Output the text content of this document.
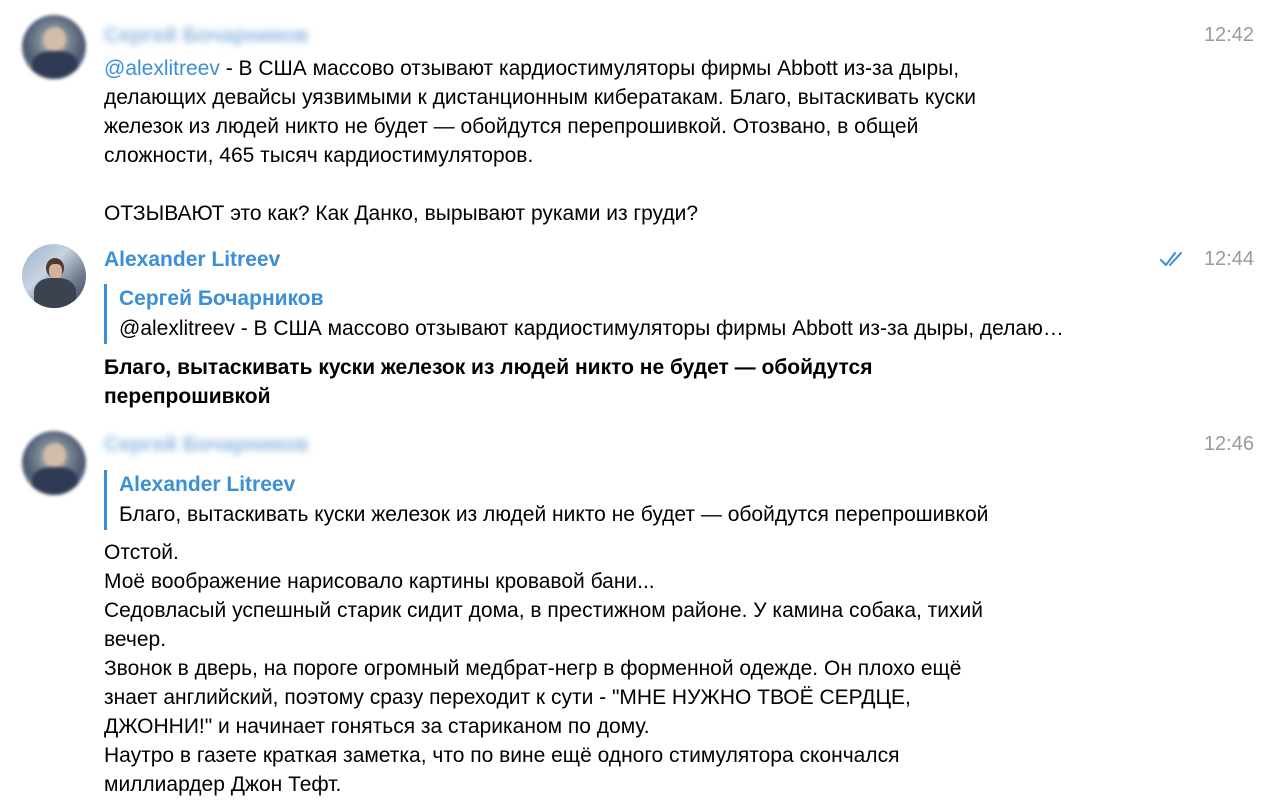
Сергей Бочарников	12:42
@alexlitreev - В США массово отзывают кардиостимуляторы фирмы Abbott из-за дыры,
делающих девайсы уязвимыми к дистанционным кибератакам. Благо, вытаскивать куски
железок из людей никто не будет — обойдутся перепрошивкой. Отозвано, в общей
сложности, 465 тысяч кардиостимуляторов.

ОТЗЫВАЮТ это как? Как Данко, вырывают руками из груди?
Alexander Litreev	12:44
Сергей Бочарников
@alexlitreev - В США массово отзывают кардиостимуляторы фирмы Abbott из-за дыры, делаю…
Благо, вытаскивать куски железок из людей никто не будет — обойдутся
перепрошивкой
Сергей Бочарников	12:46
Alexander Litreev
Благо, вытаскивать куски железок из людей никто не будет — обойдутся перепрошивкой
Отстой.
Моё воображение нарисовало картины кровавой бани...
Седовласый успешный старик сидит дома, в престижном районе. У камина собака, тихий
вечер.
Звонок в дверь, на пороге огромный медбрат-негр в форменной одежде. Он плохо ещё
знает английский, поэтому сразу переходит к сути - "МНЕ НУЖНО ТВОЁ СЕРДЦЕ,
ДЖОННИ!" и начинает гоняться за стариканом по дому.
Наутро в газете краткая заметка, что по вине ещё одного стимулятора скончался
миллиардер Джон Тефт.
